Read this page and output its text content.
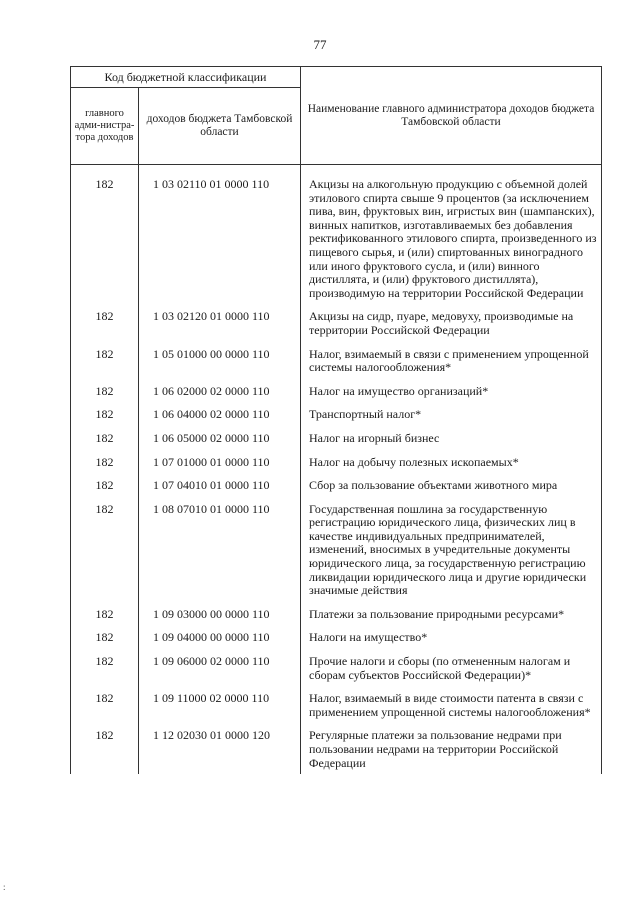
77
Код бюджетной классификации		Наименование главного администратора доходов бюджета Тамбовской области
главного адми-нистра-тора доходов	доходов бюджета Тамбовской области	

182	1 03 02110 01 0000 110	Акцизы на алкогольную продукцию с объемной долей этилового спирта свыше 9 процентов (за исключением пива, вин, фруктовых вин, игристых вин (шампанских), винных напитков, изготавливаемых без добавления ректификованного этилового спирта, произведенного из пищевого сырья, и (или) спиртованных виноградного или иного фруктового сусла, и (или) винного дистиллята, и (или) фруктового дистиллята), производимую на территории Российской Федерации
182	1 03 02120 01 0000 110	Акцизы на сидр, пуаре, медовуху, производимые на территории Российской Федерации
182	1 05 01000 00 0000 110	Налог, взимаемый в связи с применением упрощенной системы налогообложения*
182	1 06 02000 02 0000 110	Налог на имущество организаций*
182	1 06 04000 02 0000 110	Транспортный налог*
182	1 06 05000 02 0000 110	Налог на игорный бизнес
182	1 07 01000 01 0000 110	Налог на добычу полезных ископаемых*
182	1 07 04010 01 0000 110	Сбор за пользование объектами животного мира
182	1 08 07010 01 0000 110	Государственная пошлина за государственную регистрацию юридического лица, физических лиц в качестве индивидуальных предпринимателей, изменений, вносимых в учредительные документы юридического лица, за государственную регистрацию ликвидации юридического лица и другие юридически значимые действия
182	1 09 03000 00 0000 110	Платежи за пользование природными ресурсами*
182	1 09 04000 00 0000 110	Налоги на имущество*
182	1 09 06000 02 0000 110	Прочие налоги и сборы (по отмененным налогам и сборам субъектов Российской Федерации)*
182	1 09 11000 02 0000 110	Налог, взимаемый в виде стоимости патента в связи с применением упрощенной системы налогообложения*
182	1 12 02030 01 0000 120	Регулярные платежи за пользование недрами при пользовании недрами на территории Российской Федерации
:
